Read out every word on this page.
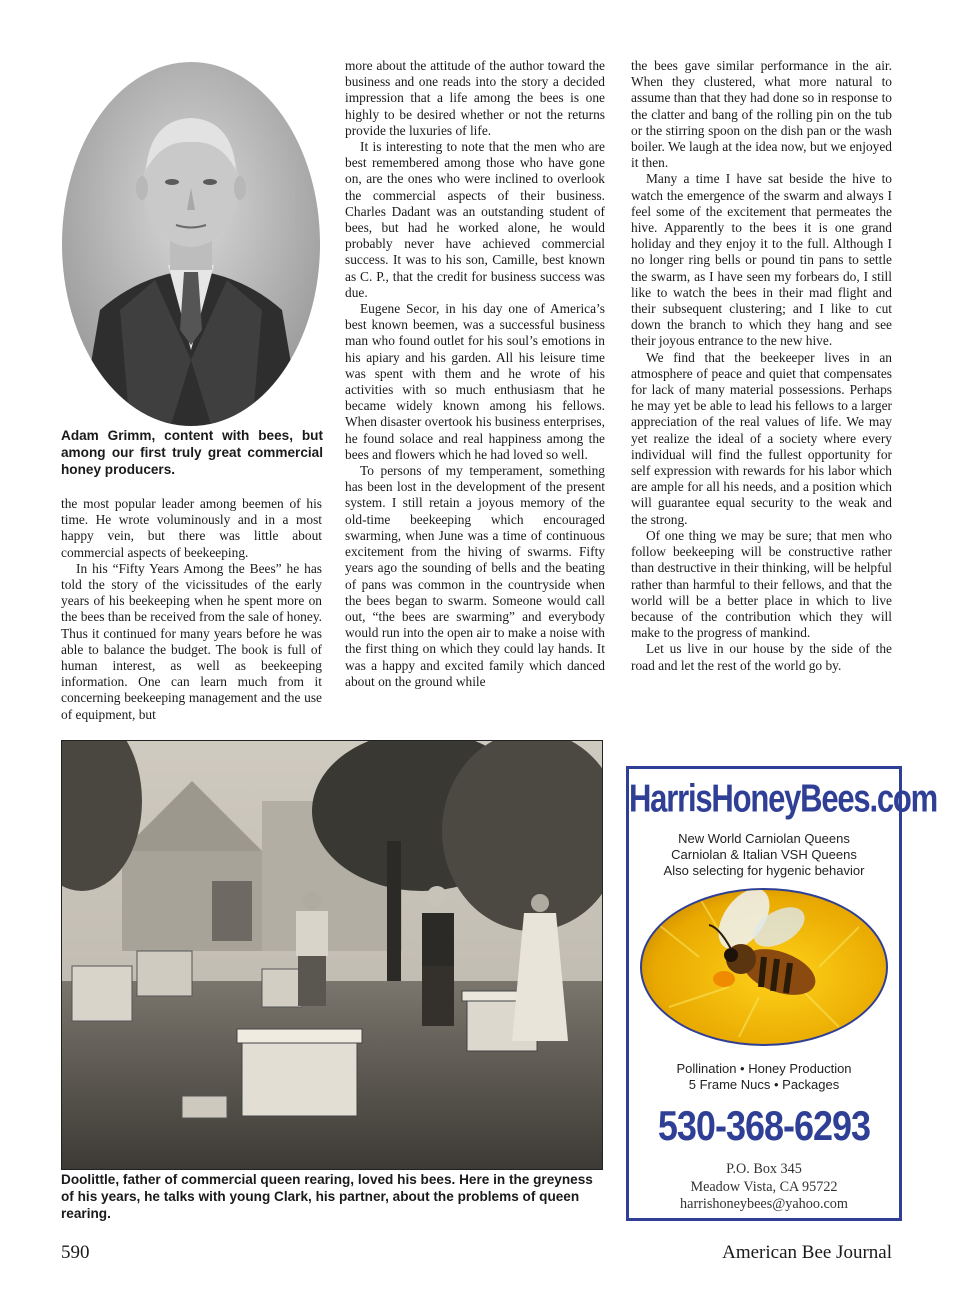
Adam Grimm, content with bees, but among our first truly great commercial honey producers.

the most popular leader among beemen of his time. He wrote voluminously and in a most happy vein, but there was little about commercial aspects of beekeeping.

In his “Fifty Years Among the Bees” he has told the story of the vicissitudes of the early years of his beekeeping when he spent more on the bees than be received from the sale of honey. Thus it continued for many years before he was able to balance the budget. The book is full of human interest, as well as beekeeping information. One can learn much from it concerning beekeeping management and the use of equipment, but

more about the attitude of the author toward the business and one reads into the story a decided impression that a life among the bees is one highly to be desired whether or not the returns provide the luxuries of life.

It is interesting to note that the men who are best remembered among those who have gone on, are the ones who were inclined to overlook the commercial aspects of their business. Charles Dadant was an outstanding student of bees, but had he worked alone, he would probably never have achieved commercial success. It was to his son, Camille, best known as C. P., that the credit for business success was due.

Eugene Secor, in his day one of America’s best known beemen, was a successful business man who found outlet for his soul’s emotions in his apiary and his garden. All his leisure time was spent with them and he wrote of his activities with so much enthusiasm that he became widely known among his fellows. When disaster overtook his business enterprises, he found solace and real happiness among the bees and flowers which he had loved so well.

To persons of my temperament, something has been lost in the development of the present system. I still retain a joyous memory of the old-time beekeeping which encouraged swarming, when June was a time of continuous excitement from the hiving of swarms. Fifty years ago the sounding of bells and the beating of pans was common in the countryside when the bees began to swarm. Someone would call out, “the bees are swarming” and everybody would run into the open air to make a noise with the first thing on which they could lay hands. It was a happy and excited family which danced about on the ground while

the bees gave similar performance in the air. When they clustered, what more natural to assume than that they had done so in response to the clatter and bang of the rolling pin on the tub or the stirring spoon on the dish pan or the wash boiler. We laugh at the idea now, but we enjoyed it then.

Many a time I have sat beside the hive to watch the emergence of the swarm and always I feel some of the excitement that permeates the hive. Apparently to the bees it is one grand holiday and they enjoy it to the full. Although I no longer ring bells or pound tin pans to settle the swarm, as I have seen my forbears do, I still like to watch the bees in their mad flight and their subsequent clustering; and I like to cut down the branch to which they hang and see their joyous entrance to the new hive.

We find that the beekeeper lives in an atmosphere of peace and quiet that compensates for lack of many material possessions. Perhaps he may yet be able to lead his fellows to a larger appreciation of the real values of life. We may yet realize the ideal of a society where every individual will find the fullest opportunity for self expression with rewards for his labor which are ample for all his needs, and a position which will guarantee equal security to the weak and the strong.

Of one thing we may be sure; that men who follow beekeeping will be constructive rather than destructive in their thinking, will be helpful rather than harmful to their fellows, and that the world will be a better place in which to live because of the contribution which they will make to the progress of mankind.

Let us live in our house by the side of the road and let the rest of the world go by.

Doolittle, father of commercial queen rearing, loved his bees. Here in the greyness of his years, he talks with young Clark, his partner, about the problems of queen rearing.
HarrisHoneyBees.com
New World Carniolan Queens
Carniolan & Italian VSH Queens
Also selecting for hygenic behavior
Pollination • Honey Production
5 Frame Nucs • Packages
530-368-6293
P.O. Box 345
Meadow Vista, CA 95722
harrishoneybees@yahoo.com
590	American Bee Journal
